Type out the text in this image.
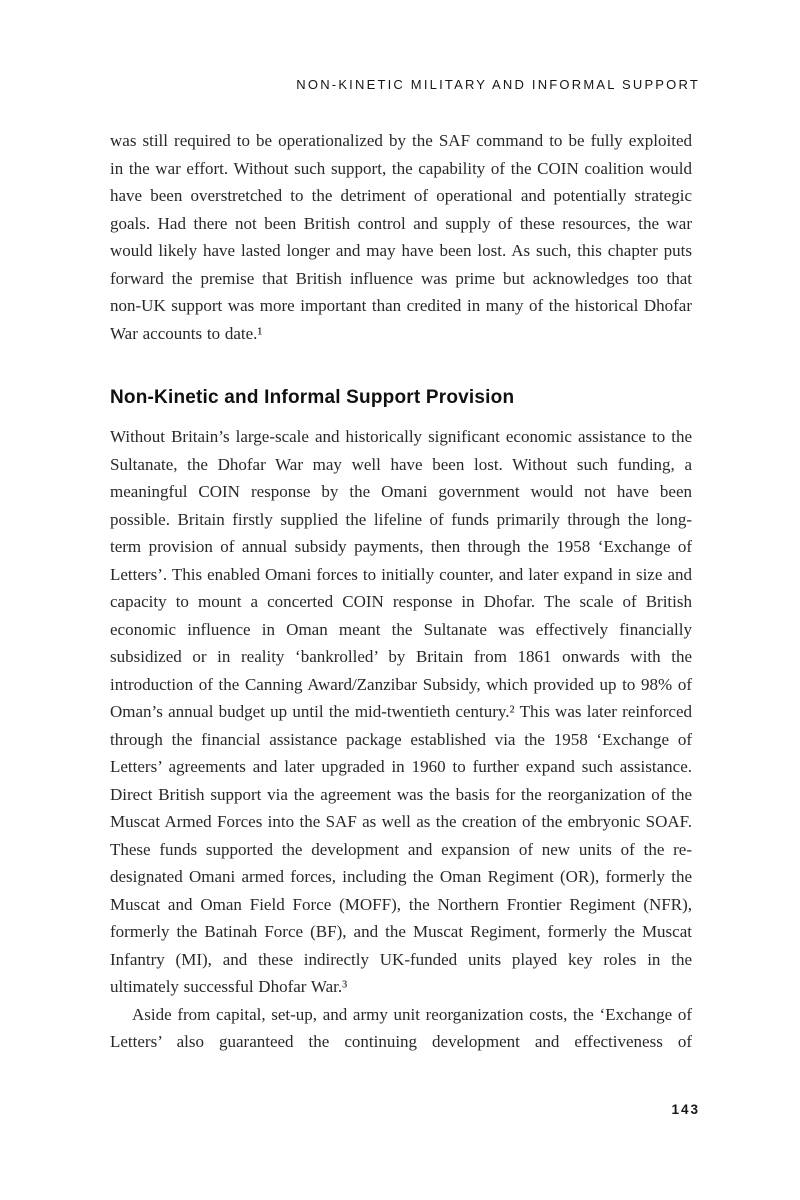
NON-KINETIC MILITARY AND INFORMAL SUPPORT

was still required to be operationalized by the SAF command to be fully exploited in the war effort. Without such support, the capability of the COIN coalition would have been overstretched to the detriment of operational and potentially strategic goals. Had there not been British control and supply of these resources, the war would likely have lasted longer and may have been lost. As such, this chapter puts forward the premise that British influence was prime but acknowledges too that non-UK support was more important than credited in many of the historical Dhofar War accounts to date.¹

Non-Kinetic and Informal Support Provision

Without Britain’s large-scale and historically significant economic assistance to the Sultanate, the Dhofar War may well have been lost. Without such funding, a meaningful COIN response by the Omani government would not have been possible. Britain firstly supplied the lifeline of funds primarily through the long-term provision of annual subsidy payments, then through the 1958 ‘Exchange of Letters’. This enabled Omani forces to initially counter, and later expand in size and capacity to mount a concerted COIN response in Dhofar. The scale of British economic influence in Oman meant the Sultanate was effectively financially subsidized or in reality ‘bankrolled’ by Britain from 1861 onwards with the introduction of the Canning Award/Zanzibar Subsidy, which provided up to 98% of Oman’s annual budget up until the mid-twentieth century.² This was later reinforced through the financial assistance package established via the 1958 ‘Exchange of Letters’ agreements and later upgraded in 1960 to further expand such assistance. Direct British support via the agreement was the basis for the reorganization of the Muscat Armed Forces into the SAF as well as the creation of the embryonic SOAF. These funds supported the development and expansion of new units of the re-designated Omani armed forces, including the Oman Regiment (OR), formerly the Muscat and Oman Field Force (MOFF), the Northern Frontier Regiment (NFR), formerly the Batinah Force (BF), and the Muscat Regiment, formerly the Muscat Infantry (MI), and these indirectly UK-funded units played key roles in the ultimately successful Dhofar War.³

Aside from capital, set-up, and army unit reorganization costs, the ‘Exchange of Letters’ also guaranteed the continuing development and effectiveness of

143
